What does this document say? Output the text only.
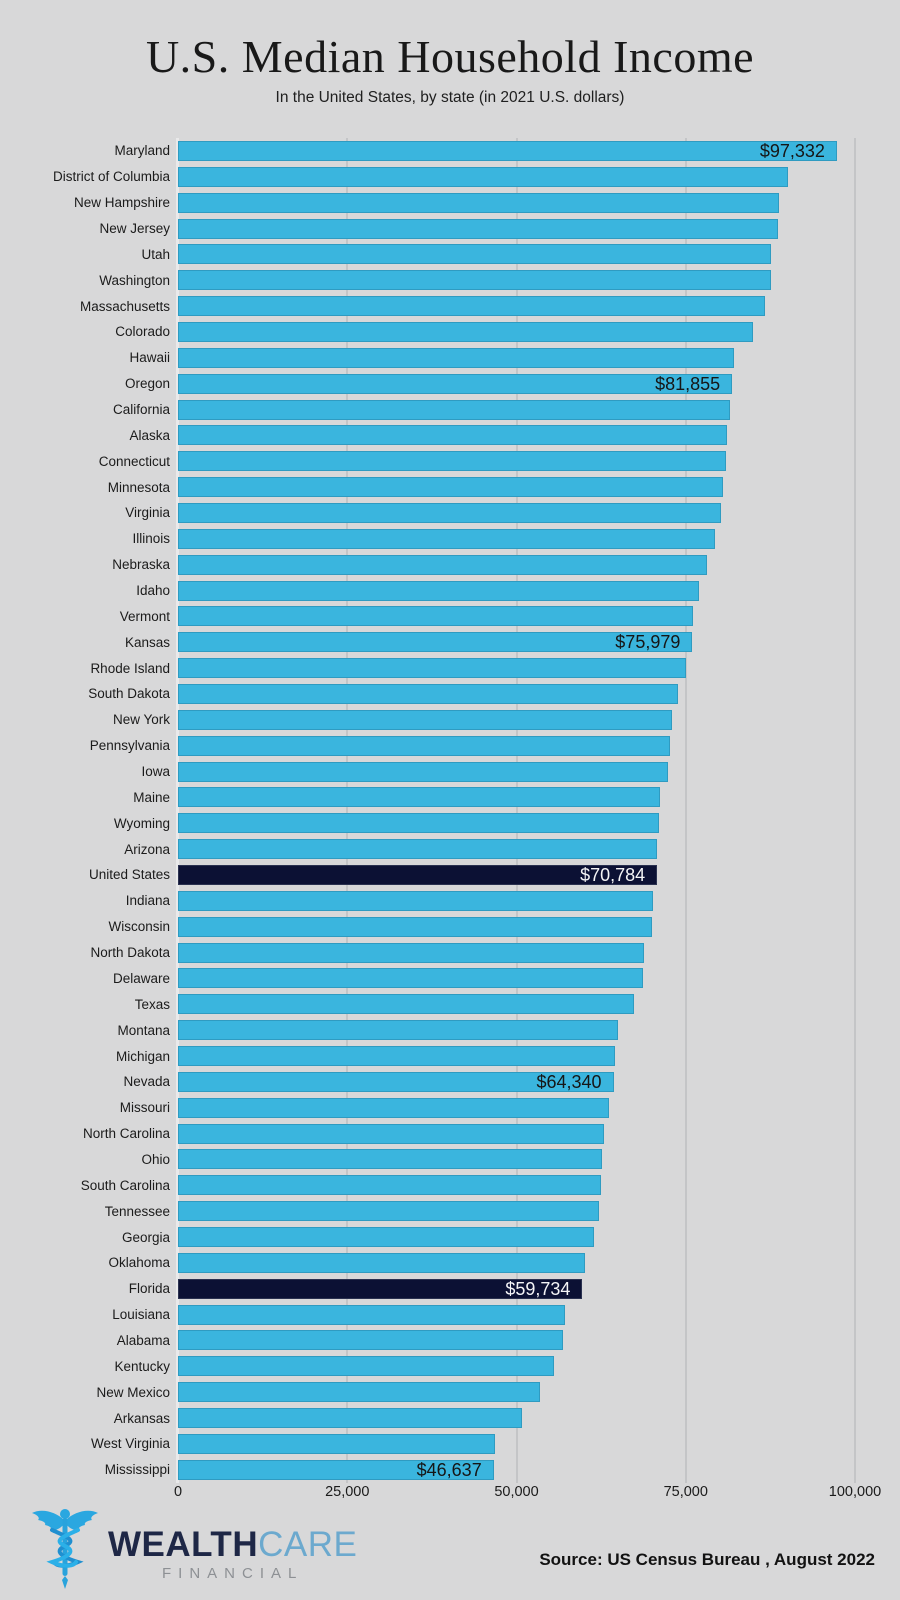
U.S. Median Household Income
In the United States, by state (in 2021 U.S. dollars)
Maryland	$97,332
District of Columbia
New Hampshire
New Jersey
Utah
Washington
Massachusetts
Colorado
Hawaii
Oregon	$81,855
California
Alaska
Connecticut
Minnesota
Virginia
Illinois
Nebraska
Idaho
Vermont
Kansas	$75,979
Rhode Island
South Dakota
New York
Pennsylvania
Iowa
Maine
Wyoming
Arizona
United States	$70,784
Indiana
Wisconsin
North Dakota
Delaware
Texas
Montana
Michigan
Nevada	$64,340
Missouri
North Carolina
Ohio
South Carolina
Tennessee
Georgia
Oklahoma
Florida	$59,734
Louisiana
Alabama
Kentucky
New Mexico
Arkansas
West Virginia
Mississippi	$46,637
0	25,000	50,000	75,000	100,000
WEALTHCARE
FINANCIAL
Source: US Census Bureau , August 2022
